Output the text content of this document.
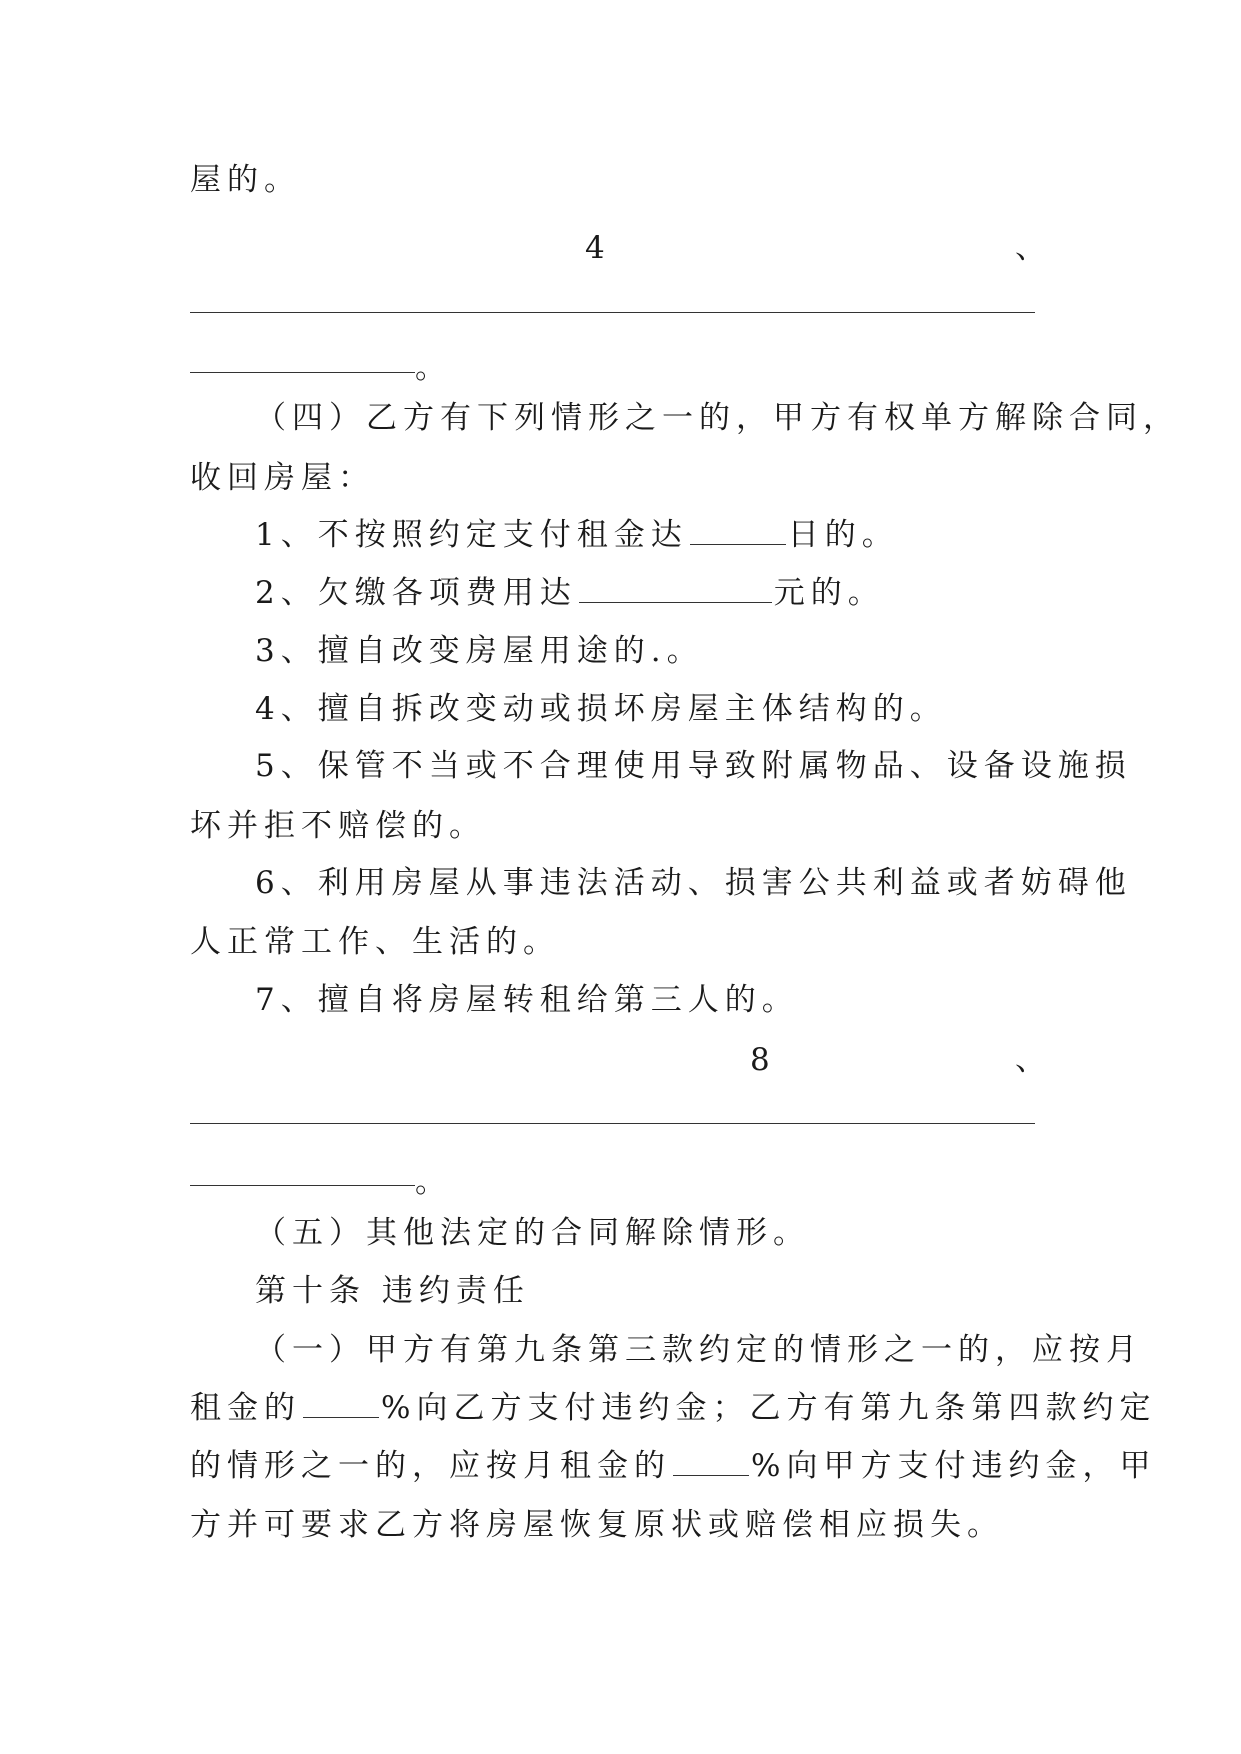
屋的。
4	、
。
（四）乙方有下列情形之一的，甲方有权单方解除合同，
收回房屋：
1、不按照约定支付租金达	日的。
2、欠缴各项费用达	元的。
3、擅自改变房屋用途的.。
4、擅自拆改变动或损坏房屋主体结构的。
5、保管不当或不合理使用导致附属物品、设备设施损
坏并拒不赔偿的。
6、利用房屋从事违法活动、损害公共利益或者妨碍他
人正常工作、生活的。
7、擅自将房屋转租给第三人的。
8	、
。
（五）其他法定的合同解除情形。
第十条 违约责任
（一）甲方有第九条第三款约定的情形之一的，应按月
租金的	%向乙方支付违约金；乙方有第九条第四款约定
的情形之一的，应按月租金的	%向甲方支付违约金，甲
方并可要求乙方将房屋恢复原状或赔偿相应损失。
